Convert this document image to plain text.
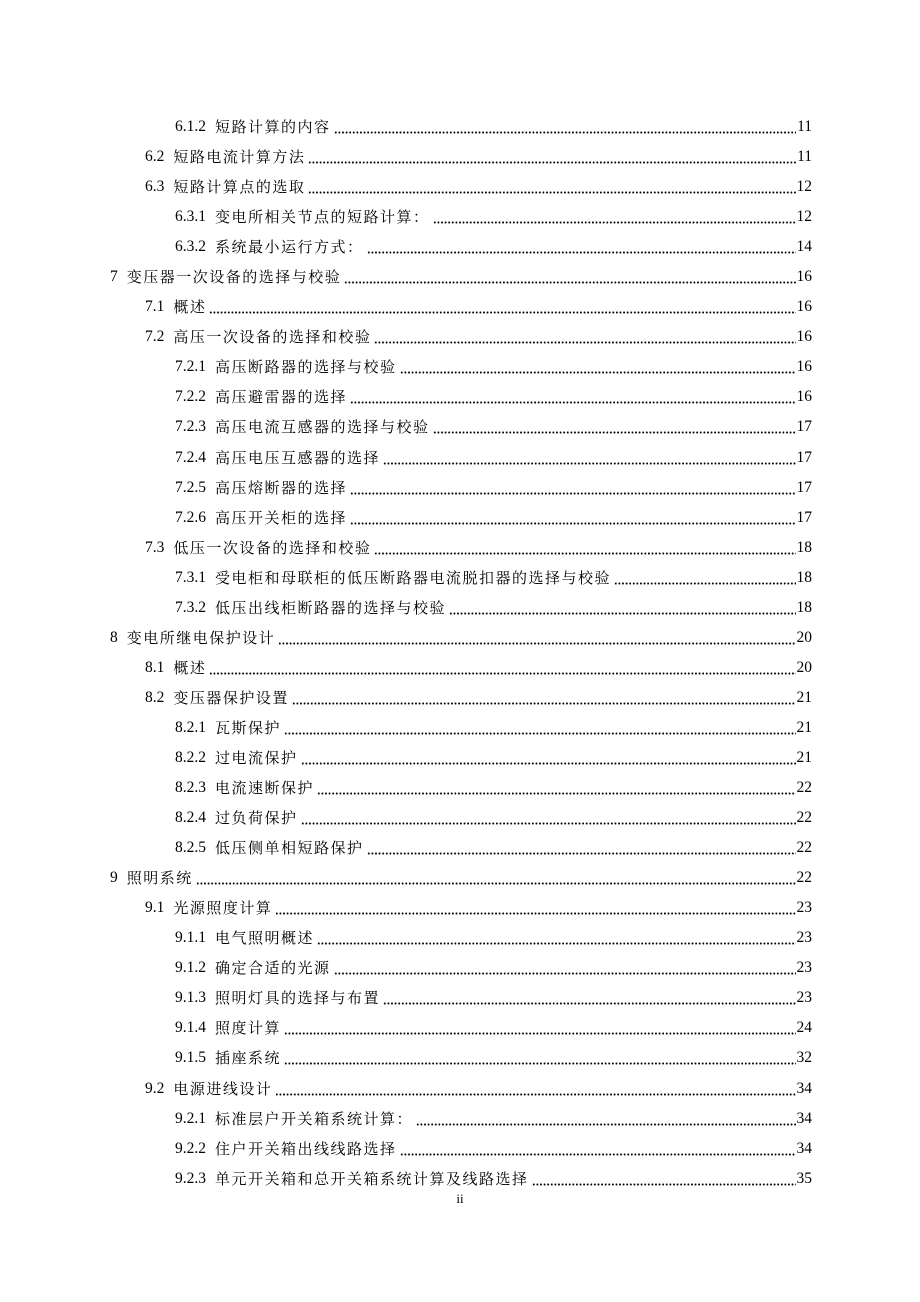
6.1.2 短路计算的内容	11
6.2 短路电流计算方法	11
6.3 短路计算点的选取	12
6.3.1 变电所相关节点的短路计算：	12
6.3.2 系统最小运行方式：	14
7 变压器一次设备的选择与校验	16
7.1 概述	16
7.2 高压一次设备的选择和校验	16
7.2.1 高压断路器的选择与校验	16
7.2.2 高压避雷器的选择	16
7.2.3 高压电流互感器的选择与校验	17
7.2.4 高压电压互感器的选择	17
7.2.5 高压熔断器的选择	17
7.2.6 高压开关柜的选择	17
7.3 低压一次设备的选择和校验	18
7.3.1 受电柜和母联柜的低压断路器电流脱扣器的选择与校验	18
7.3.2 低压出线柜断路器的选择与校验	18
8 变电所继电保护设计	20
8.1 概述	20
8.2 变压器保护设置	21
8.2.1 瓦斯保护	21
8.2.2 过电流保护	21
8.2.3 电流速断保护	22
8.2.4 过负荷保护	22
8.2.5 低压侧单相短路保护	22
9 照明系统	22
9.1 光源照度计算	23
9.1.1 电气照明概述	23
9.1.2 确定合适的光源	23
9.1.3 照明灯具的选择与布置	23
9.1.4 照度计算	24
9.1.5 插座系统	32
9.2 电源进线设计	34
9.2.1 标准层户开关箱系统计算：	34
9.2.2 住户开关箱出线线路选择	34
9.2.3 单元开关箱和总开关箱系统计算及线路选择	35
ii
